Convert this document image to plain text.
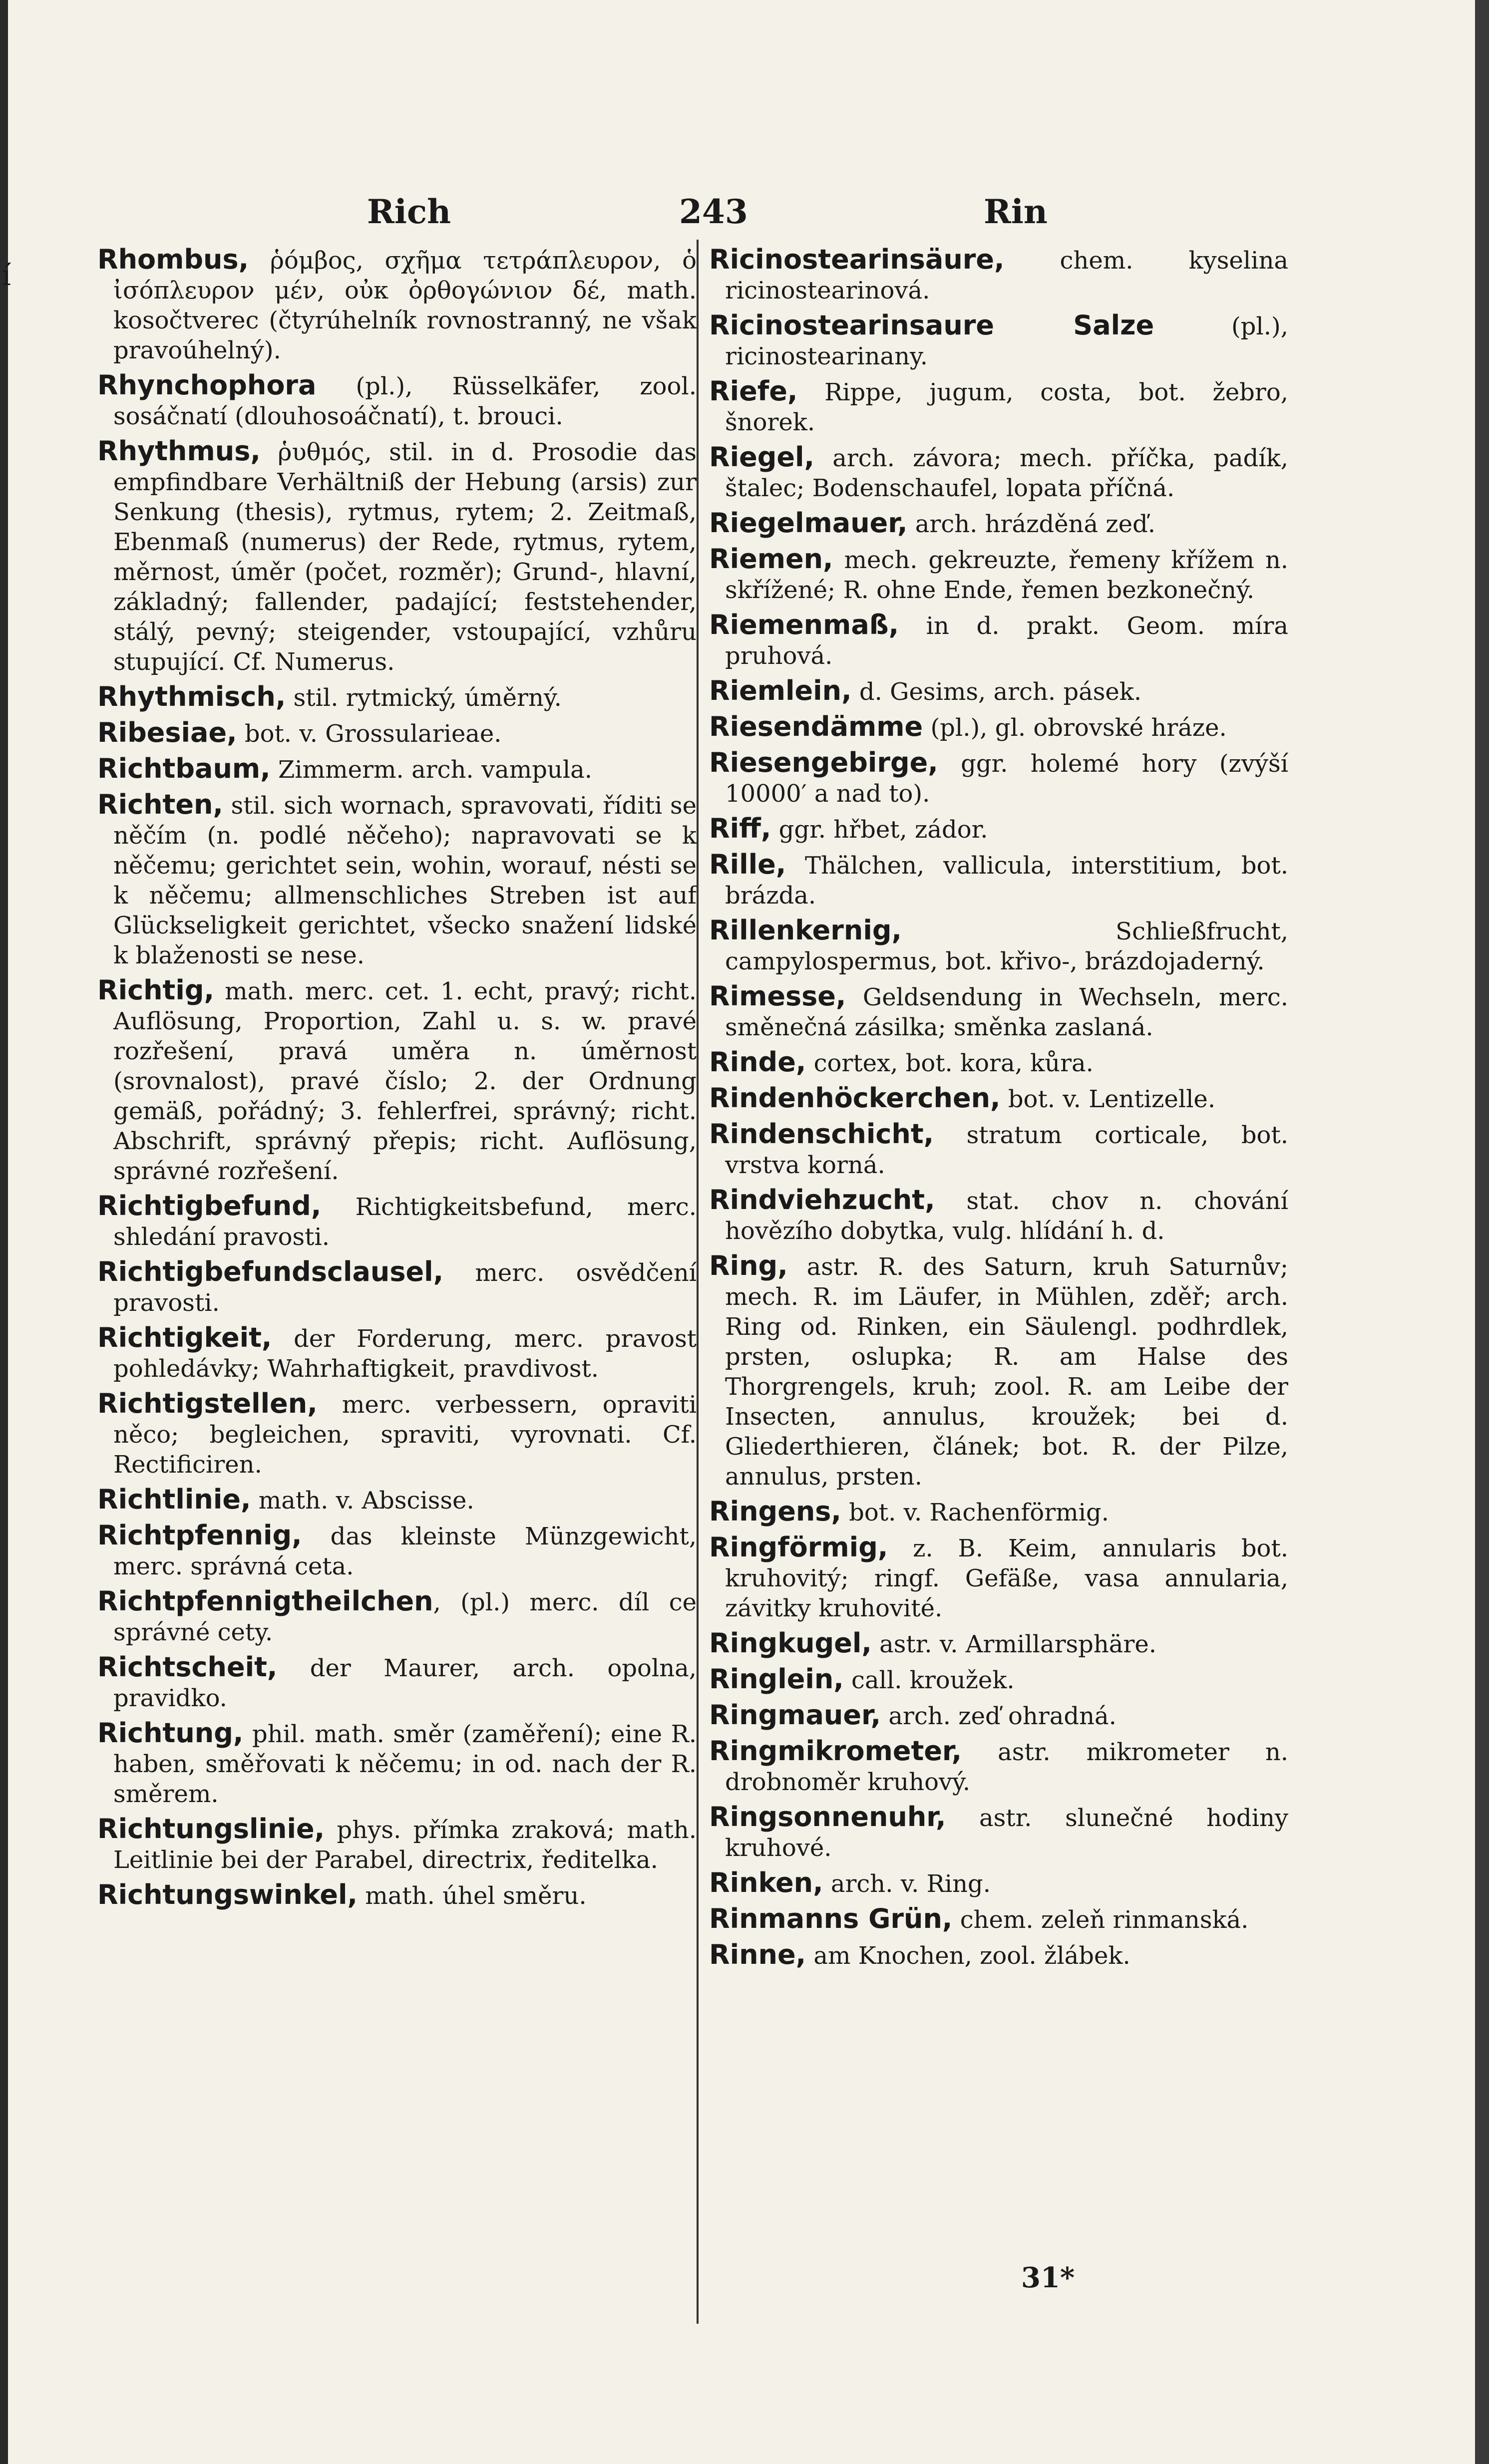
í
Rich	243	Rin

Rhombus, ῥόμβος, σχῆμα τετράπλευρον, ὁ ἰσόπλευρον μέν, οὐκ ὀρθογώνιον δέ, math. kosočtverec (čtyrúhelník rovnostranný, ne však pravoúhelný).

Rhynchophora (pl.), Rüsselkäfer, zool. sosáčnatí (dlouhosoáčnatí), t. brouci.

Rhythmus, ῥυθμός, stil. in d. Prosodie das empfindbare Verhältniß der Hebung (arsis) zur Senkung (thesis), rytmus, rytem; 2. Zeitmaß, Ebenmaß (numerus) der Rede, rytmus, rytem, měrnost, úměr (počet, rozměr); Grund-, hlavní, základný; fallender, padající; feststehender, stálý, pevný; steigender, vstoupající, vzhůru stupující. Cf. Numerus.

Rhythmisch, stil. rytmický, úměrný.

Ribesiae, bot. v. Grossularieae.

Richtbaum, Zimmerm. arch. vampula.

Richten, stil. sich wornach, spravovati, říditi se něčím (n. podlé něčeho); napravovati se k něčemu; gerichtet sein, wohin, worauf, nésti se k něčemu; allmenschliches Streben ist auf Glückseligkeit gerichtet, všecko snažení lidské k blaženosti se nese.

Richtig, math. merc. cet. 1. echt, pravý; richt. Auflösung, Proportion, Zahl u. s. w. pravé rozřešení, pravá uměra n. úměrnost (srovnalost), pravé číslo; 2. der Ordnung gemäß, pořádný; 3. fehlerfrei, správný; richt. Abschrift, správný přepis; richt. Auflösung, správné rozřešení.

Richtigbefund, Richtigkeitsbefund, merc. shledání pravosti.

Richtigbefundsclausel, merc. osvědčení pravosti.

Richtigkeit, der Forderung, merc. pravost pohledávky; Wahrhaftigkeit, pravdivost.

Richtigstellen, merc. verbessern, opraviti něco; begleichen, spraviti, vyrovnati. Cf. Rectificiren.

Richtlinie, math. v. Abscisse.

Richtpfennig, das kleinste Münzgewicht, merc. správná ceta.

Richtpfennigtheilchen, (pl.) merc. díl ce správné cety.

Richtscheit, der Maurer, arch. opolna, pravidko.

Richtung, phil. math. směr (zaměření); eine R. haben, směřovati k něčemu; in od. nach der R. směrem.

Richtungslinie, phys. přímka zraková; math. Leitlinie bei der Parabel, directrix, ředitelka.

Richtungswinkel, math. úhel směru.

Ricinostearinsäure, chem. kyselina ricinostearinová.

Ricinostearinsaure Salze (pl.), ricinostearinany.

Riefe, Rippe, jugum, costa, bot. žebro, šnorek.

Riegel, arch. závora; mech. příčka, padík, štalec; Bodenschaufel, lopata příčná.

Riegelmauer, arch. hrázděná zeď.

Riemen, mech. gekreuzte, řemeny křížem n. skřížené; R. ohne Ende, řemen bezkonečný.

Riemenmaß, in d. prakt. Geom. míra pruhová.

Riemlein, d. Gesims, arch. pásek.

Riesendämme (pl.), gl. obrovské hráze.

Riesengebirge, ggr. holemé hory (zvýší 10000′ a nad to).

Riff, ggr. hřbet, zádor.

Rille, Thälchen, vallicula, interstitium, bot. brázda.

Rillenkernig, Schließfrucht, campylospermus, bot. křivo-, brázdojaderný.

Rimesse, Geldsendung in Wechseln, merc. směnečná zásilka; směnka zaslaná.

Rinde, cortex, bot. kora, kůra.

Rindenhöckerchen, bot. v. Lentizelle.

Rindenschicht, stratum corticale, bot. vrstva korná.

Rindviehzucht, stat. chov n. chování hovězího dobytka, vulg. hlídání h. d.

Ring, astr. R. des Saturn, kruh Saturnův; mech. R. im Läufer, in Mühlen, zděř; arch. Ring od. Rinken, ein Säulengl. podhrdlek, prsten, oslupka; R. am Halse des Thorgrengels, kruh; zool. R. am Leibe der Insecten, annulus, kroužek; bei d. Gliederthieren, článek; bot. R. der Pilze, annulus, prsten.

Ringens, bot. v. Rachenförmig.

Ringförmig, z. B. Keim, annularis bot. kruhovitý; ringf. Gefäße, vasa annularia, závitky kruhovité.

Ringkugel, astr. v. Armillarsphäre.

Ringlein, call. kroužek.

Ringmauer, arch. zeď ohradná.

Ringmikrometer, astr. mikrometer n. drobnoměr kruhový.

Ringsonnenuhr, astr. slunečné hodiny kruhové.

Rinken, arch. v. Ring.

Rinmanns Grün, chem. zeleň rinmanská.

Rinne, am Knochen, zool. žlábek.

31*
